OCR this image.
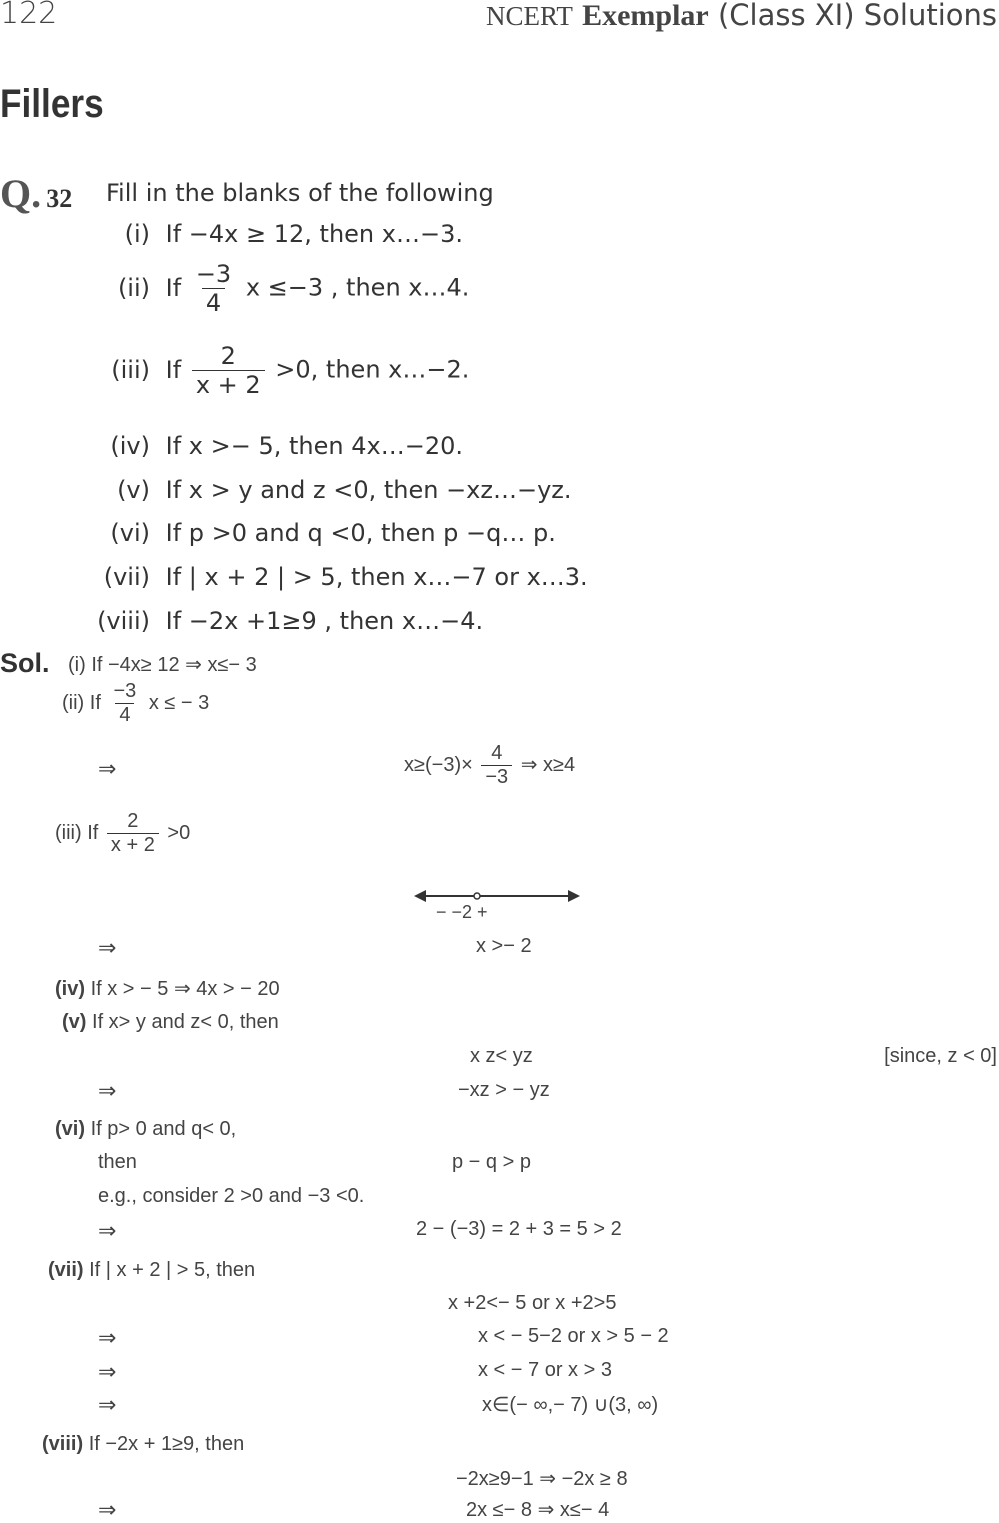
122	NCERT Exemplar (Class XI) Solutions
Fillers
Q. 32 Fill in the blanks of the following
(i) If −4x ≥ 12, then x…−3.
(ii) If $\frac{-3}{4}$ x ≤−3 , then x…4.
(iii) If $\frac{2}{x + 2} >0$, then x…−2.
(iv) If x >− 5, then 4x…−20.
(v) If x > y and z <0, then −xz…−yz.
(vi) If p >0 and q <0, then p −q… p.
(vii) If | x + 2 | > 5, then x…−7 or x…3.
(viii) If −2x +1≥9 , then x…−4.
Sol. (i) If −4x≥ 12 ⇒ x≤− 3
(ii) If $\frac{-3}{4}$ x ≤ − 3
⇒	$x\ge(-3)\times \frac{4}{-3}$ ⇒ x≥4
(iii) If $\frac{2}{x + 2} >0$
− −2 +
⇒	x >− 2
(iv) If x > − 5 ⇒ 4x > − 20
(v) If x> y and z< 0, then
x z< yz	[since, z < 0]
⇒	−xz > − yz
(vi) If p> 0 and q< 0,
then	p − q > p
e.g., consider 2 >0 and −3 <0.
⇒	2 − (−3) = 2 + 3 = 5 > 2
(vii) If | x + 2 | > 5, then
x +2<− 5 or x +2>5
⇒	x < − 5−2 or x > 5 − 2
⇒	x < − 7 or x > 3
⇒	x∈(− ∞,− 7) ∪(3, ∞)
(viii) If −2x + 1≥9, then
−2x≥9−1 ⇒ −2x ≥ 8
⇒	2x ≤− 8 ⇒ x≤− 4
